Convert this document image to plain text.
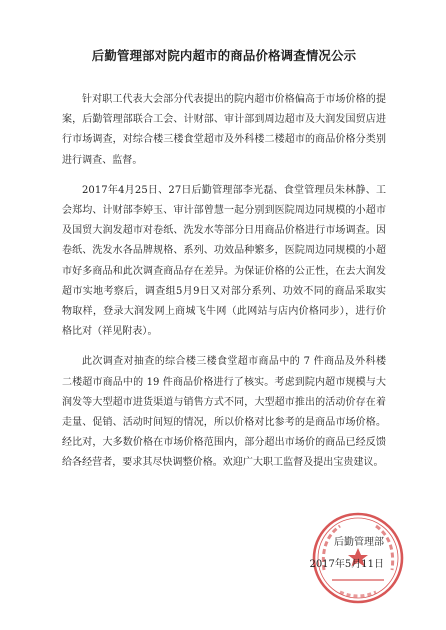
后勤管理部对院内超市的商品价格调查情况公示

针对职工代表大会部分代表提出的院内超市价格偏高于市场价格的提案，后勤管理部联合工会、计财部、审计部到周边超市及大润发国贸店进行市场调查，对综合楼三楼食堂超市及外科楼二楼超市的商品价格分类别进行调查、监督。

2017年4月25日、27日后勤管理部李光磊、食堂管理员朱林静、工会郑均、计财部李婷玉、审计部曾慧一起分别到医院周边同规模的小超市及国贸大润发超市对卷纸、洗发水等部分日用商品价格进行市场调查。因卷纸、洗发水各品牌规格、系列、功效品种繁多，医院周边同规模的小超市好多商品和此次调查商品存在差异。为保证价格的公正性，在去大润发超市实地考察后，调查组5月9日又对部分系列、功效不同的商品采取实物取样，登录大润发网上商城飞牛网（此网站与店内价格同步），进行价格比对（祥见附表）。

此次调查对抽查的综合楼三楼食堂超市商品中的 7 件商品及外科楼二楼超市商品中的 19 件商品价格进行了核实。考虑到院内超市规模与大润发等大型超市进货渠道与销售方式不同，大型超市推出的活动价存在着走量、促销、活动时间短的情况，所以价格对比参考的是商品市场价格。经比对，大多数价格在市场价格范围内，部分超出市场价的商品已经反馈给各经营者，要求其尽快调整价格。欢迎广大职工监督及提出宝贵建议。

后勤管理部
2017年5月11日
